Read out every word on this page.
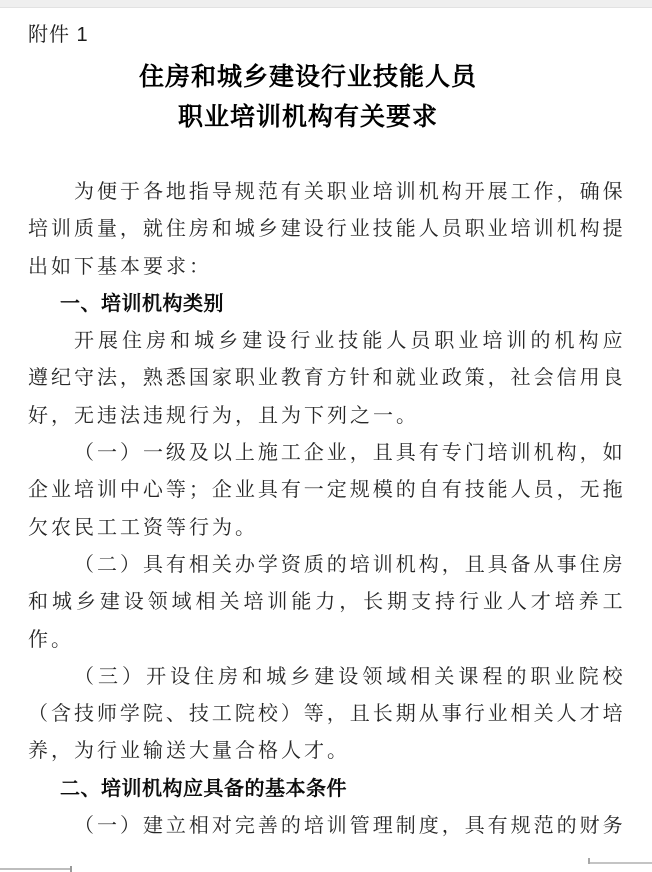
附件 1
住房和城乡建设行业技能人员
职业培训机构有关要求
为便于各地指导规范有关职业培训机构开展工作，确保
培训质量，就住房和城乡建设行业技能人员职业培训机构提
出如下基本要求：
一、培训机构类别
开展住房和城乡建设行业技能人员职业培训的机构应
遵纪守法，熟悉国家职业教育方针和就业政策，社会信用良
好，无违法违规行为，且为下列之一。
（一）一级及以上施工企业，且具有专门培训机构，如
企业培训中心等；企业具有一定规模的自有技能人员，无拖
欠农民工工资等行为。
（二）具有相关办学资质的培训机构，且具备从事住房
和城乡建设领域相关培训能力，长期支持行业人才培养工
作。
（三）开设住房和城乡建设领域相关课程的职业院校
（含技师学院、技工院校）等，且长期从事行业相关人才培
养，为行业输送大量合格人才。
二、培训机构应具备的基本条件
（一）建立相对完善的培训管理制度，具有规范的财务
